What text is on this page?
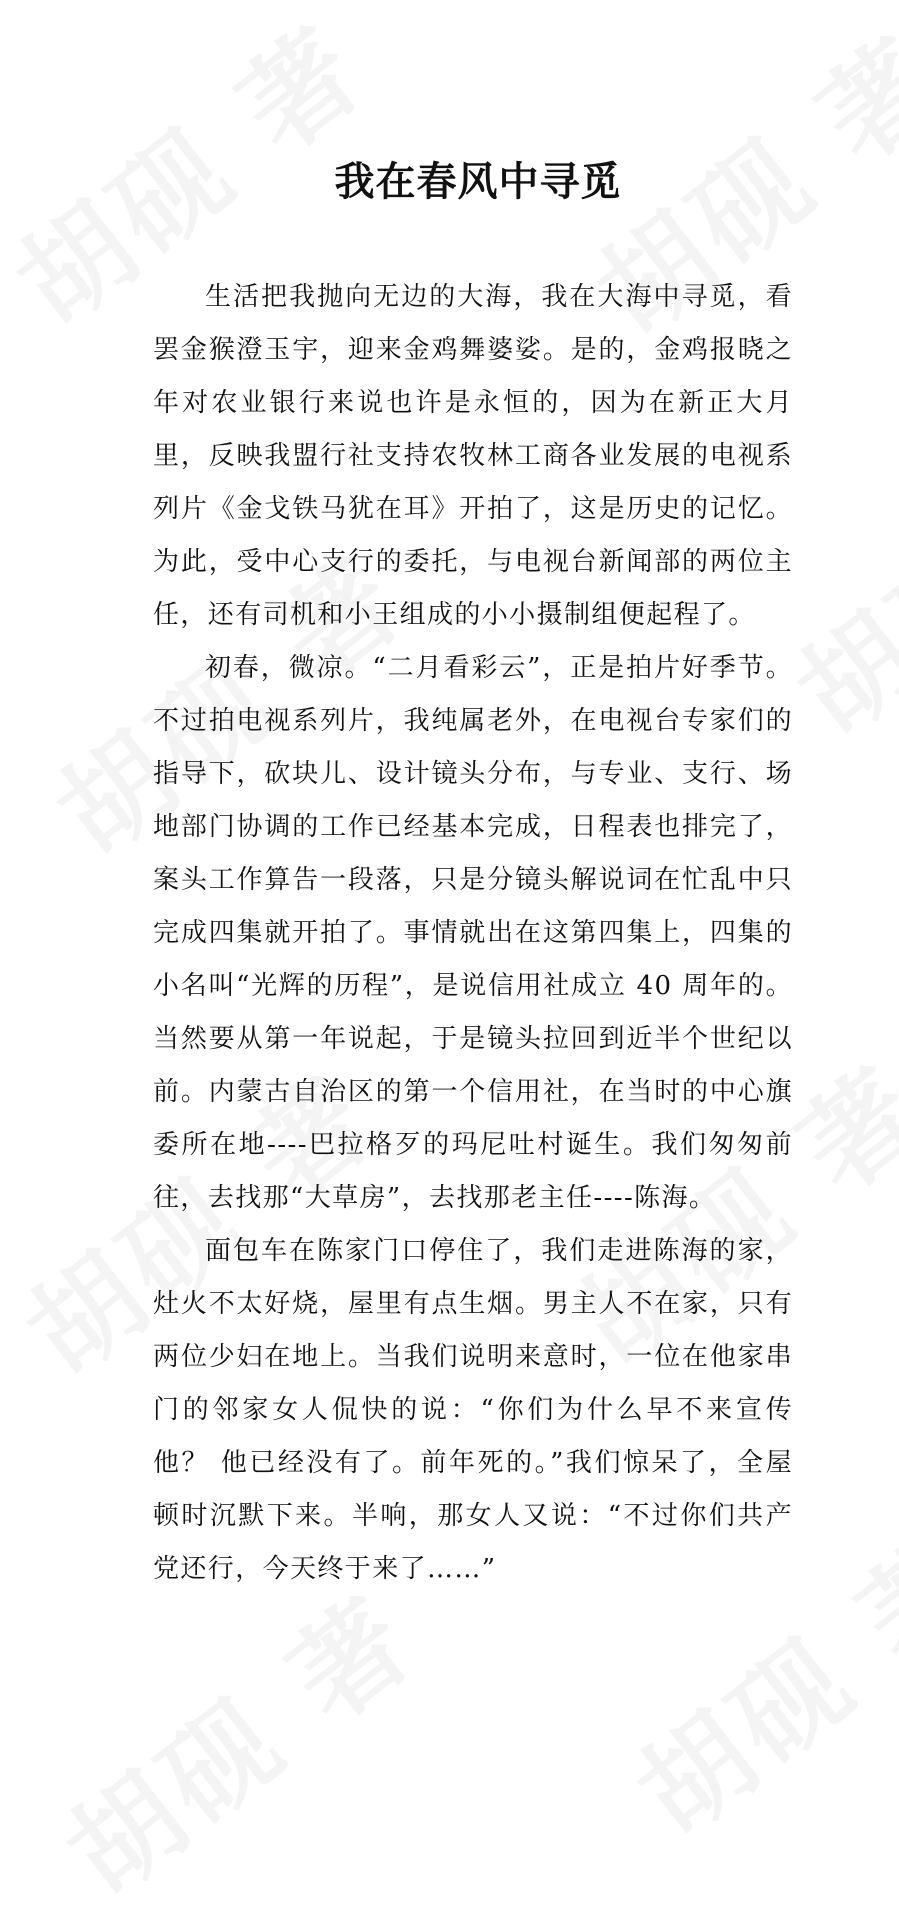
我在春风中寻觅

生活把我抛向无边的大海，我在大海中寻觅，看罢金猴澄玉宇，迎来金鸡舞婆娑。是的，金鸡报晓之年对农业银行来说也许是永恒的，因为在新正大月里，反映我盟行社支持农牧林工商各业发展的电视系列片《金戈铁马犹在耳》开拍了，这是历史的记忆。为此，受中心支行的委托，与电视台新闻部的两位主任，还有司机和小王组成的小小摄制组便起程了。

初春，微凉。“二月看彩云”，正是拍片好季节。不过拍电视系列片，我纯属老外，在电视台专家们的指导下，砍块儿、设计镜头分布，与专业、支行、场地部门协调的工作已经基本完成，日程表也排完了，案头工作算告一段落，只是分镜头解说词在忙乱中只完成四集就开拍了。事情就出在这第四集上，四集的小名叫“光辉的历程”，是说信用社成立 40 周年的。当然要从第一年说起，于是镜头拉回到近半个世纪以前。内蒙古自治区的第一个信用社，在当时的中心旗委所在地----巴拉格歹的玛尼吐村诞生。我们匆匆前往，去找那“大草房”，去找那老主任----陈海。

面包车在陈家门口停住了，我们走进陈海的家，灶火不太好烧，屋里有点生烟。男主人不在家，只有两位少妇在地上。当我们说明来意时，一位在他家串门的邻家女人侃快的说：“你们为什么早不来宣传他？ 他已经没有了。前年死的。”我们惊呆了，全屋顿时沉默下来。半响，那女人又说：“不过你们共产党还行，今天终于来了……”
